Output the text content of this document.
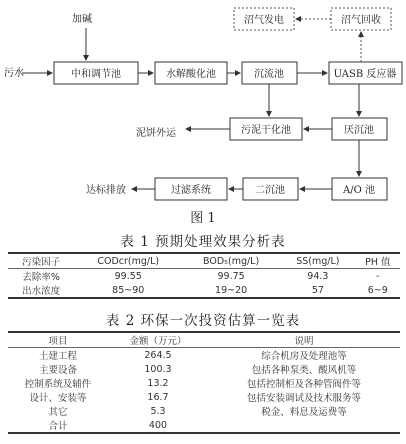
加碱
污水
泥饼外运
达标排放
中和调节池	水解酸化池	沉流池	UASB 反应器
沼气发电	沼气回收
厌沉池
污泥干化池
A/O 池
二沉池
过滤系统
图 1
表 1 预期处理效果分析表
污染因子	CODcr(mg/L)	BOD₅(mg/L)	SS(mg/L)	PH 值
去除率%	99.55	99.75	94.3	-
出水浓度	85~90	19~20	57	6~9
表 2 环保一次投资估算一览表
项目	金额（万元）	说明
土建工程	264.5	综合机房及处理池等
主要设备	100.3	包括各种泵类、酸风机等
控制系统及辅件	13.2	包括控制柜及各种管阀件等
设计、安装等	16.7	包括安装调试及技术服务等
其它	5.3	税金、料息及运费等
合计	400	
